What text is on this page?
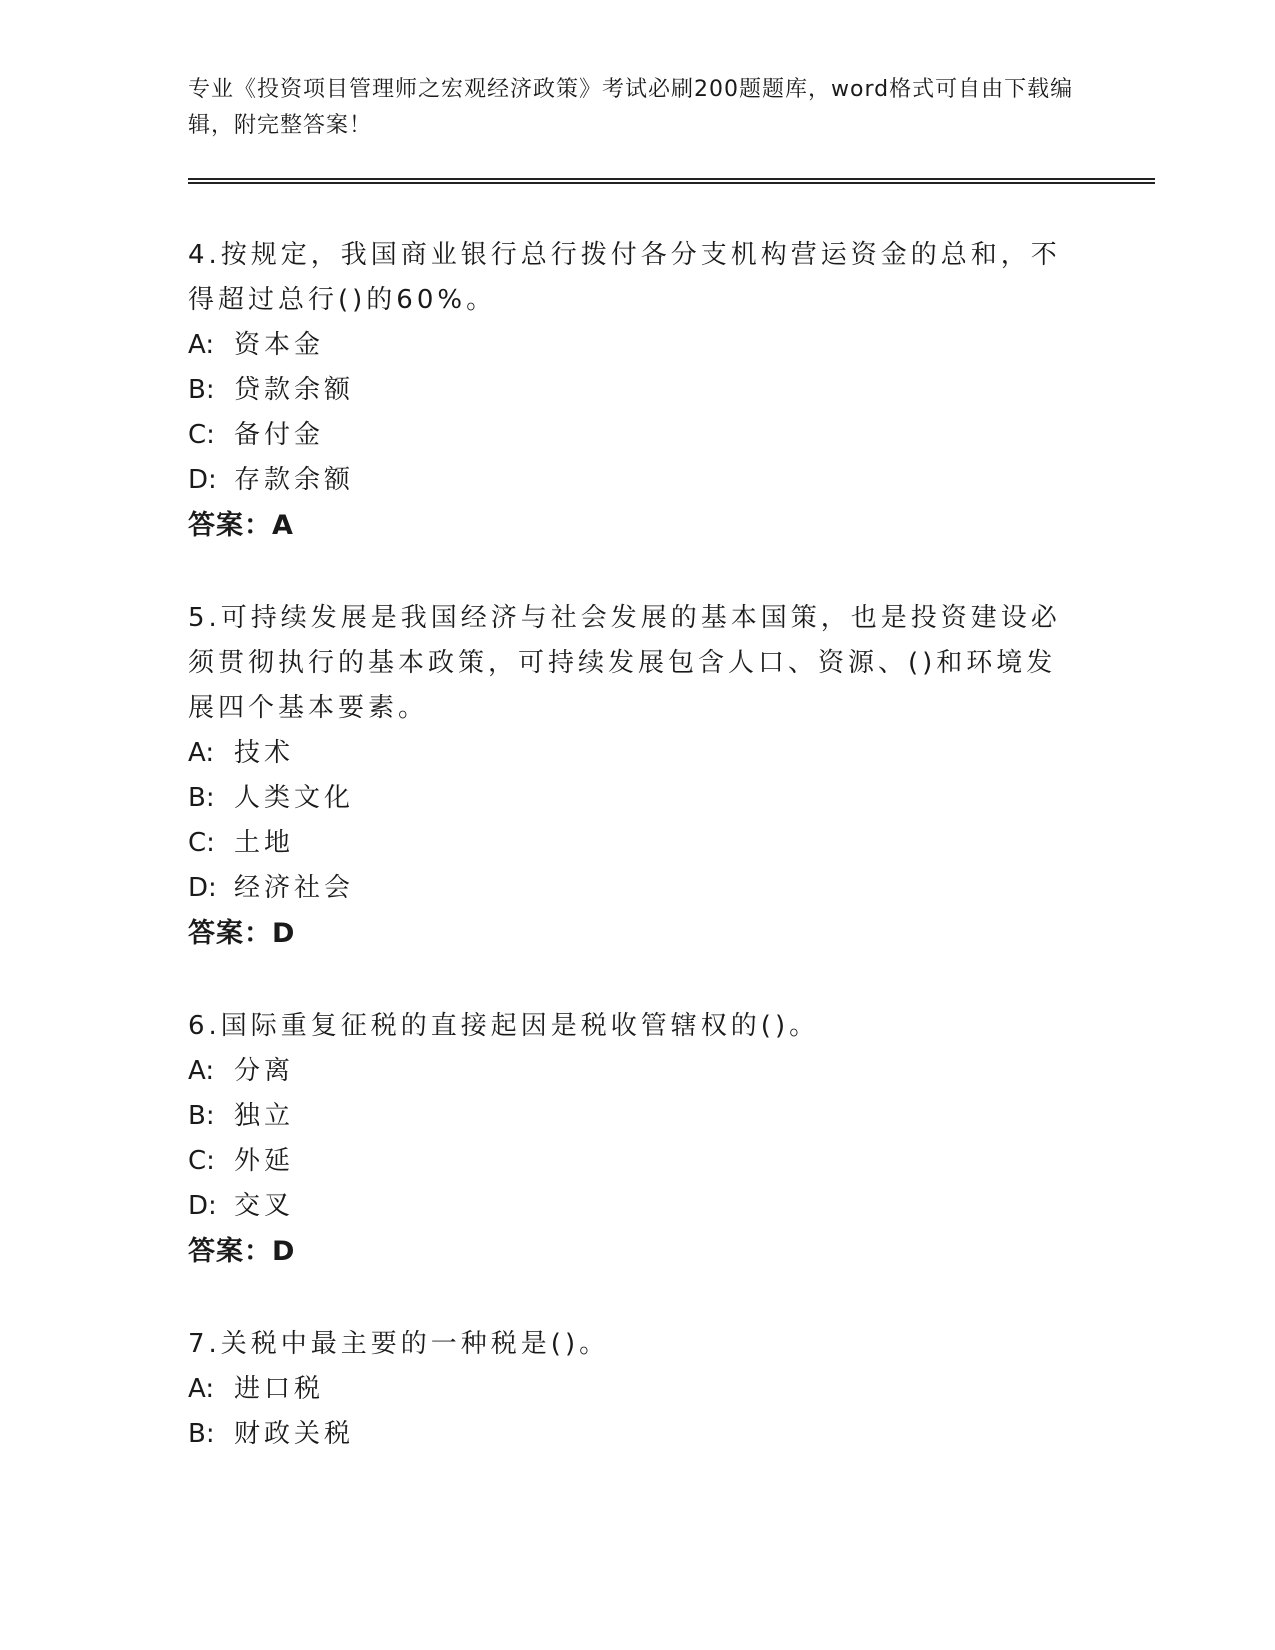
专业《投资项目管理师之宏观经济政策》考试必刷200题题库，word格式可自由下载编辑，附完整答案！

4.按规定，我国商业银行总行拨付各分支机构营运资金的总和，不得超过总行()的60%。

A: 资本金

B: 贷款余额

C: 备付金

D: 存款余额

答案：A

5.可持续发展是我国经济与社会发展的基本国策，也是投资建设必须贯彻执行的基本政策，可持续发展包含人口、资源、()和环境发展四个基本要素。

A: 技术

B: 人类文化

C: 土地

D: 经济社会

答案：D

6.国际重复征税的直接起因是税收管辖权的()。

A: 分离

B: 独立

C: 外延

D: 交叉

答案：D

7.关税中最主要的一种税是()。

A: 进口税

B: 财政关税
